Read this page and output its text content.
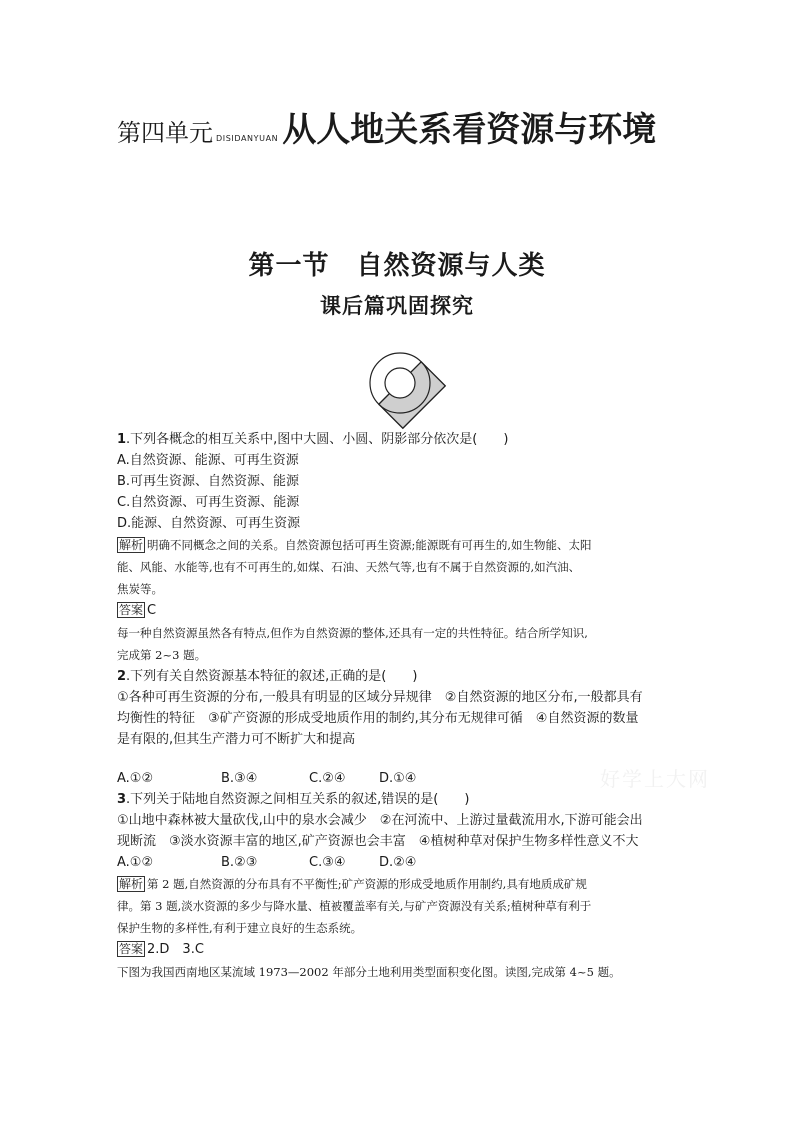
第四单元 DISIDANYUAN 从人地关系看资源与环境
第一节　自然资源与人类
课后篇巩固探究
好学上大网
1.下列各概念的相互关系中,图中大圆、小圆、阴影部分依次是(　　)
A.自然资源、能源、可再生资源
B.可再生资源、自然资源、能源
C.自然资源、可再生资源、能源
D.能源、自然资源、可再生资源
解析 明确不同概念之间的关系。自然资源包括可再生资源;能源既有可再生的,如生物能、太阳
能、风能、水能等,也有不可再生的,如煤、石油、天然气等,也有不属于自然资源的,如汽油、
焦炭等。
答案 C
每一种自然资源虽然各有特点,但作为自然资源的整体,还具有一定的共性特征。结合所学知识,
完成第 2~3 题。
2.下列有关自然资源基本特征的叙述,正确的是(　　)
①各种可再生资源的分布,一般具有明显的区域分异规律　②自然资源的地区分布,一般都具有
均衡性的特征　③矿产资源的形成受地质作用的制约,其分布无规律可循　④自然资源的数量
是有限的,但其生产潜力可不断扩大和提高
A.①②	B.③④	C.②④	D.①④
3.下列关于陆地自然资源之间相互关系的叙述,错误的是(　　)
①山地中森林被大量砍伐,山中的泉水会减少　②在河流中、上游过量截流用水,下游可能会出
现断流　③淡水资源丰富的地区,矿产资源也会丰富　④植树种草对保护生物多样性意义不大
A.①②	B.②③	C.③④	D.②④
解析 第 2 题,自然资源的分布具有不平衡性;矿产资源的形成受地质作用制约,具有地质成矿规
律。第 3 题,淡水资源的多少与降水量、植被覆盖率有关,与矿产资源没有关系;植树种草有利于
保护生物的多样性,有利于建立良好的生态系统。
答案 2.D　3.C
下图为我国西南地区某流域 1973—2002 年部分土地利用类型面积变化图。读图,完成第 4~5 题。
